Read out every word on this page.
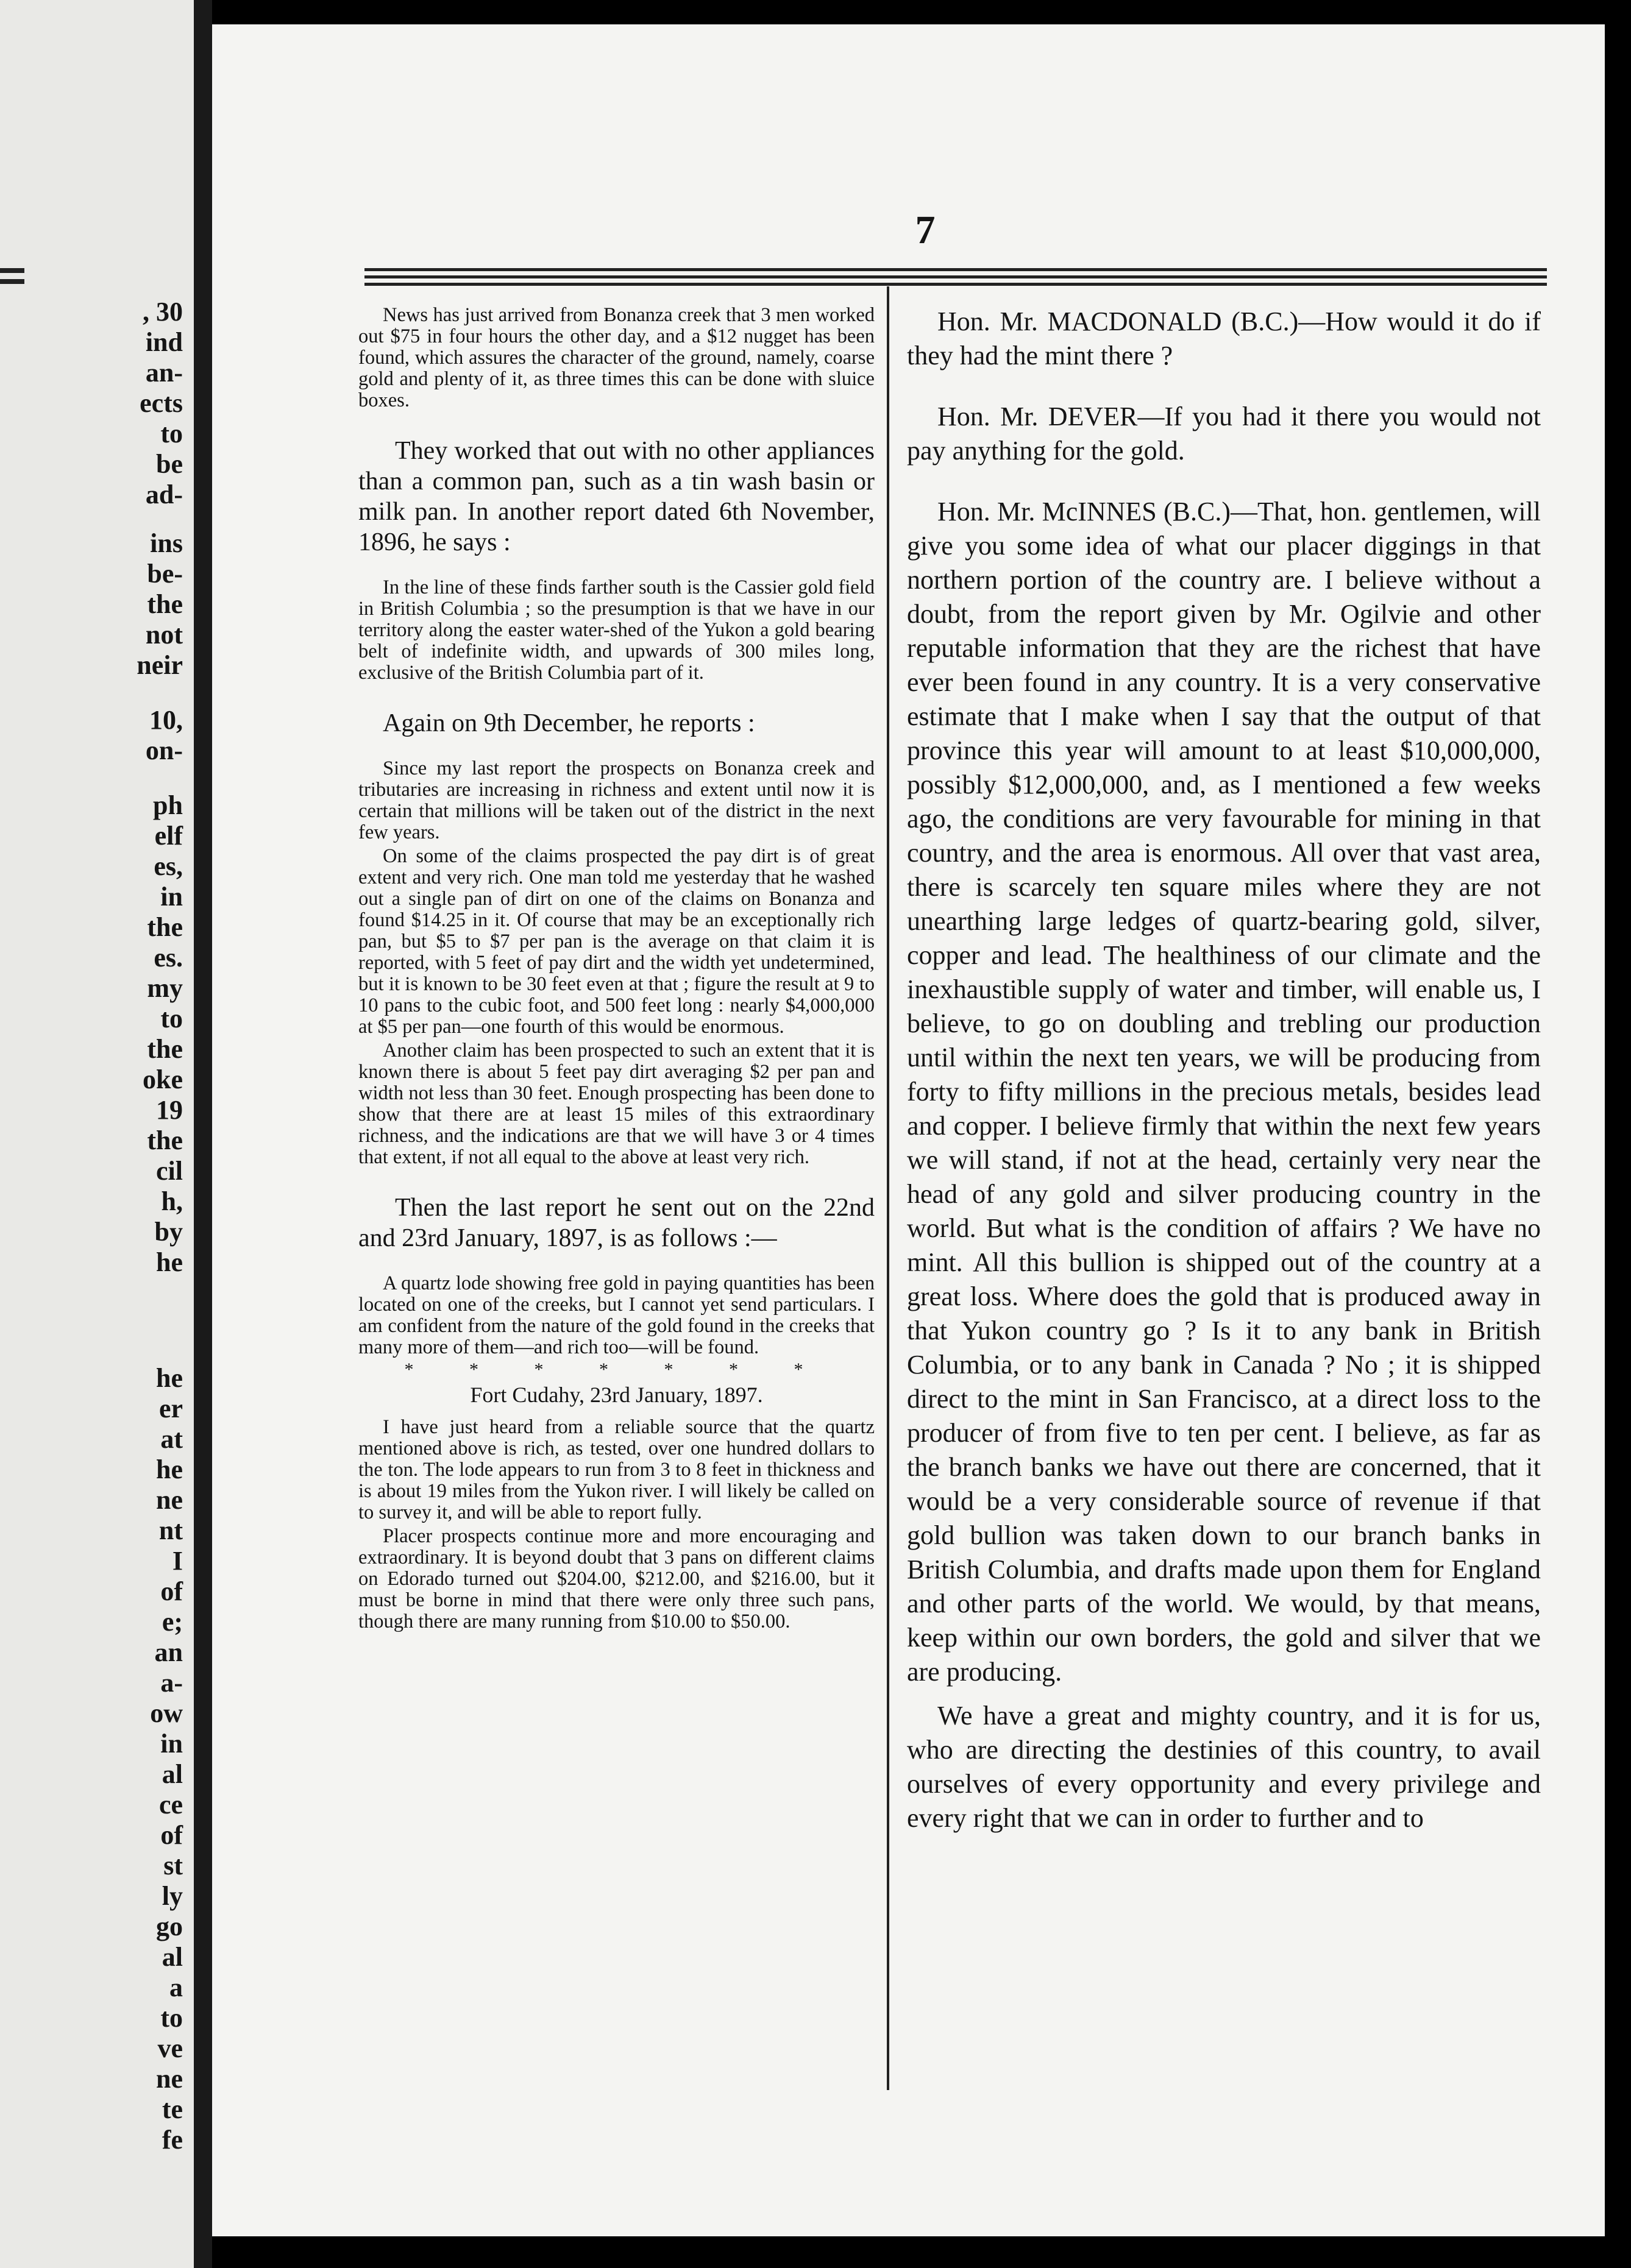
, 30
ind
an-
ects
to
be
ad-
ins
be-
the
not
neir
10,
on-
ph
elf
es,
in
the
es.
my
to
the
oke
19
the
cil
h,
by
he
he
er
at
he
ne
nt
I
of
e;
an
a-
ow
in
al
ce
of
st
ly
go
al
a
to
ve
ne
te
fe
7

News has just arrived from Bonanza creek that 3 men worked out $75 in four hours the other day, and a $12 nugget has been found, which assures the character of the ground, namely, coarse gold and plenty of it, as three times this can be done with sluice boxes.

They worked that out with no other appliances than a common pan, such as a tin wash basin or milk pan. In another report dated 6th November, 1896, he says :

In the line of these finds farther south is the Cassier gold field in British Columbia ; so the presumption is that we have in our territory along the easter water-shed of the Yukon a gold bearing belt of indefinite width, and upwards of 300 miles long, exclusive of the British Columbia part of it.

Again on 9th December, he reports :

Since my last report the prospects on Bonanza creek and tributaries are increasing in richness and extent until now it is certain that millions will be taken out of the district in the next few years.

On some of the claims prospected the pay dirt is of great extent and very rich. One man told me yesterday that he washed out a single pan of dirt on one of the claims on Bonanza and found $14.25 in it. Of course that may be an exceptionally rich pan, but $5 to $7 per pan is the average on that claim it is reported, with 5 feet of pay dirt and the width yet undetermined, but it is known to be 30 feet even at that ; figure the result at 9 to 10 pans to the cubic foot, and 500 feet long : nearly $4,000,000 at $5 per pan—one fourth of this would be enormous.

Another claim has been prospected to such an extent that it is known there is about 5 feet pay dirt averaging $2 per pan and width not less than 30 feet. Enough prospecting has been done to show that there are at least 15 miles of this extraordinary richness, and the indications are that we will have 3 or 4 times that extent, if not all equal to the above at least very rich.

Then the last report he sent out on the 22nd and 23rd January, 1897, is as follows :—

A quartz lode showing free gold in paying quantities has been located on one of the creeks, but I cannot yet send particulars. I am confident from the nature of the gold found in the creeks that many more of them—and rich too—will be found.

* * * * * * *

Fort Cudahy, 23rd January, 1897.

I have just heard from a reliable source that the quartz mentioned above is rich, as tested, over one hundred dollars to the ton. The lode appears to run from 3 to 8 feet in thickness and is about 19 miles from the Yukon river. I will likely be called on to survey it, and will be able to report fully.

Placer prospects continue more and more encouraging and extraordinary. It is beyond doubt that 3 pans on different claims on Edorado turned out $204.00, $212.00, and $216.00, but it must be borne in mind that there were only three such pans, though there are many running from $10.00 to $50.00.

Hon. Mr. MACDONALD (B.C.)—How would it do if they had the mint there ?

Hon. Mr. DEVER—If you had it there you would not pay anything for the gold.

Hon. Mr. McINNES (B.C.)—That, hon. gentlemen, will give you some idea of what our placer diggings in that northern portion of the country are. I believe without a doubt, from the report given by Mr. Ogilvie and other reputable information that they are the richest that have ever been found in any country. It is a very conservative estimate that I make when I say that the output of that province this year will amount to at least $10,000,000, possibly $12,000,000, and, as I mentioned a few weeks ago, the conditions are very favourable for mining in that country, and the area is enormous. All over that vast area, there is scarcely ten square miles where they are not unearthing large ledges of quartz-bearing gold, silver, copper and lead. The healthiness of our climate and the inexhaustible supply of water and timber, will enable us, I believe, to go on doubling and trebling our production until within the next ten years, we will be producing from forty to fifty millions in the precious metals, besides lead and copper. I believe firmly that within the next few years we will stand, if not at the head, certainly very near the head of any gold and silver producing country in the world. But what is the condition of affairs ? We have no mint. All this bullion is shipped out of the country at a great loss. Where does the gold that is produced away in that Yukon country go ? Is it to any bank in British Columbia, or to any bank in Canada ? No ; it is shipped direct to the mint in San Francisco, at a direct loss to the producer of from five to ten per cent. I believe, as far as the branch banks we have out there are concerned, that it would be a very considerable source of revenue if that gold bullion was taken down to our branch banks in British Columbia, and drafts made upon them for England and other parts of the world. We would, by that means, keep within our own borders, the gold and silver that we are producing.

We have a great and mighty country, and it is for us, who are directing the destinies of this country, to avail ourselves of every opportunity and every privilege and every right that we can in order to further and to
